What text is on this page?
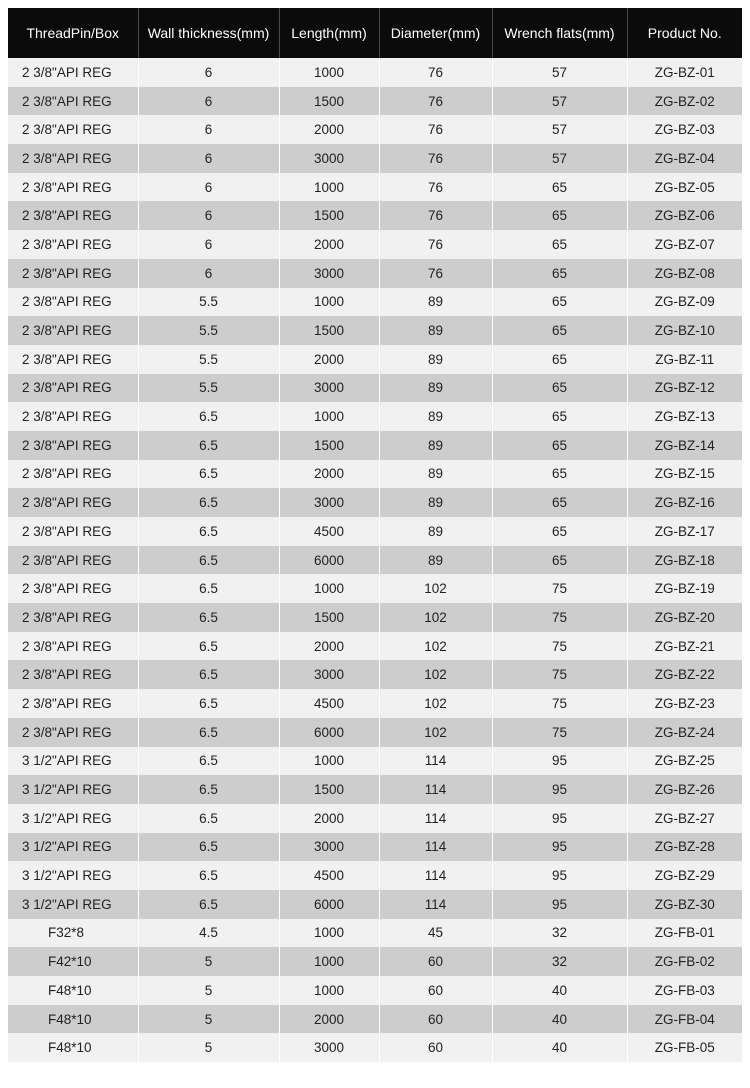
ThreadPin/Box	Wall thickness(mm)	Length(mm)	Diameter(mm)	Wrench flats(mm)	Product No.
2 3/8"API REG	6	1000	76	57	ZG-BZ-01
2 3/8"API REG	6	1500	76	57	ZG-BZ-02
2 3/8"API REG	6	2000	76	57	ZG-BZ-03
2 3/8"API REG	6	3000	76	57	ZG-BZ-04
2 3/8"API REG	6	1000	76	65	ZG-BZ-05
2 3/8"API REG	6	1500	76	65	ZG-BZ-06
2 3/8"API REG	6	2000	76	65	ZG-BZ-07
2 3/8"API REG	6	3000	76	65	ZG-BZ-08
2 3/8"API REG	5.5	1000	89	65	ZG-BZ-09
2 3/8"API REG	5.5	1500	89	65	ZG-BZ-10
2 3/8"API REG	5.5	2000	89	65	ZG-BZ-11
2 3/8"API REG	5.5	3000	89	65	ZG-BZ-12
2 3/8"API REG	6.5	1000	89	65	ZG-BZ-13
2 3/8"API REG	6.5	1500	89	65	ZG-BZ-14
2 3/8"API REG	6.5	2000	89	65	ZG-BZ-15
2 3/8"API REG	6.5	3000	89	65	ZG-BZ-16
2 3/8"API REG	6.5	4500	89	65	ZG-BZ-17
2 3/8"API REG	6.5	6000	89	65	ZG-BZ-18
2 3/8"API REG	6.5	1000	102	75	ZG-BZ-19
2 3/8"API REG	6.5	1500	102	75	ZG-BZ-20
2 3/8"API REG	6.5	2000	102	75	ZG-BZ-21
2 3/8"API REG	6.5	3000	102	75	ZG-BZ-22
2 3/8"API REG	6.5	4500	102	75	ZG-BZ-23
2 3/8"API REG	6.5	6000	102	75	ZG-BZ-24
3 1/2"API REG	6.5	1000	114	95	ZG-BZ-25
3 1/2"API REG	6.5	1500	114	95	ZG-BZ-26
3 1/2"API REG	6.5	2000	114	95	ZG-BZ-27
3 1/2"API REG	6.5	3000	114	95	ZG-BZ-28
3 1/2"API REG	6.5	4500	114	95	ZG-BZ-29
3 1/2"API REG	6.5	6000	114	95	ZG-BZ-30
F32*8	4.5	1000	45	32	ZG-FB-01
F42*10	5	1000	60	32	ZG-FB-02
F48*10	5	1000	60	40	ZG-FB-03
F48*10	5	2000	60	40	ZG-FB-04
F48*10	5	3000	60	40	ZG-FB-05
